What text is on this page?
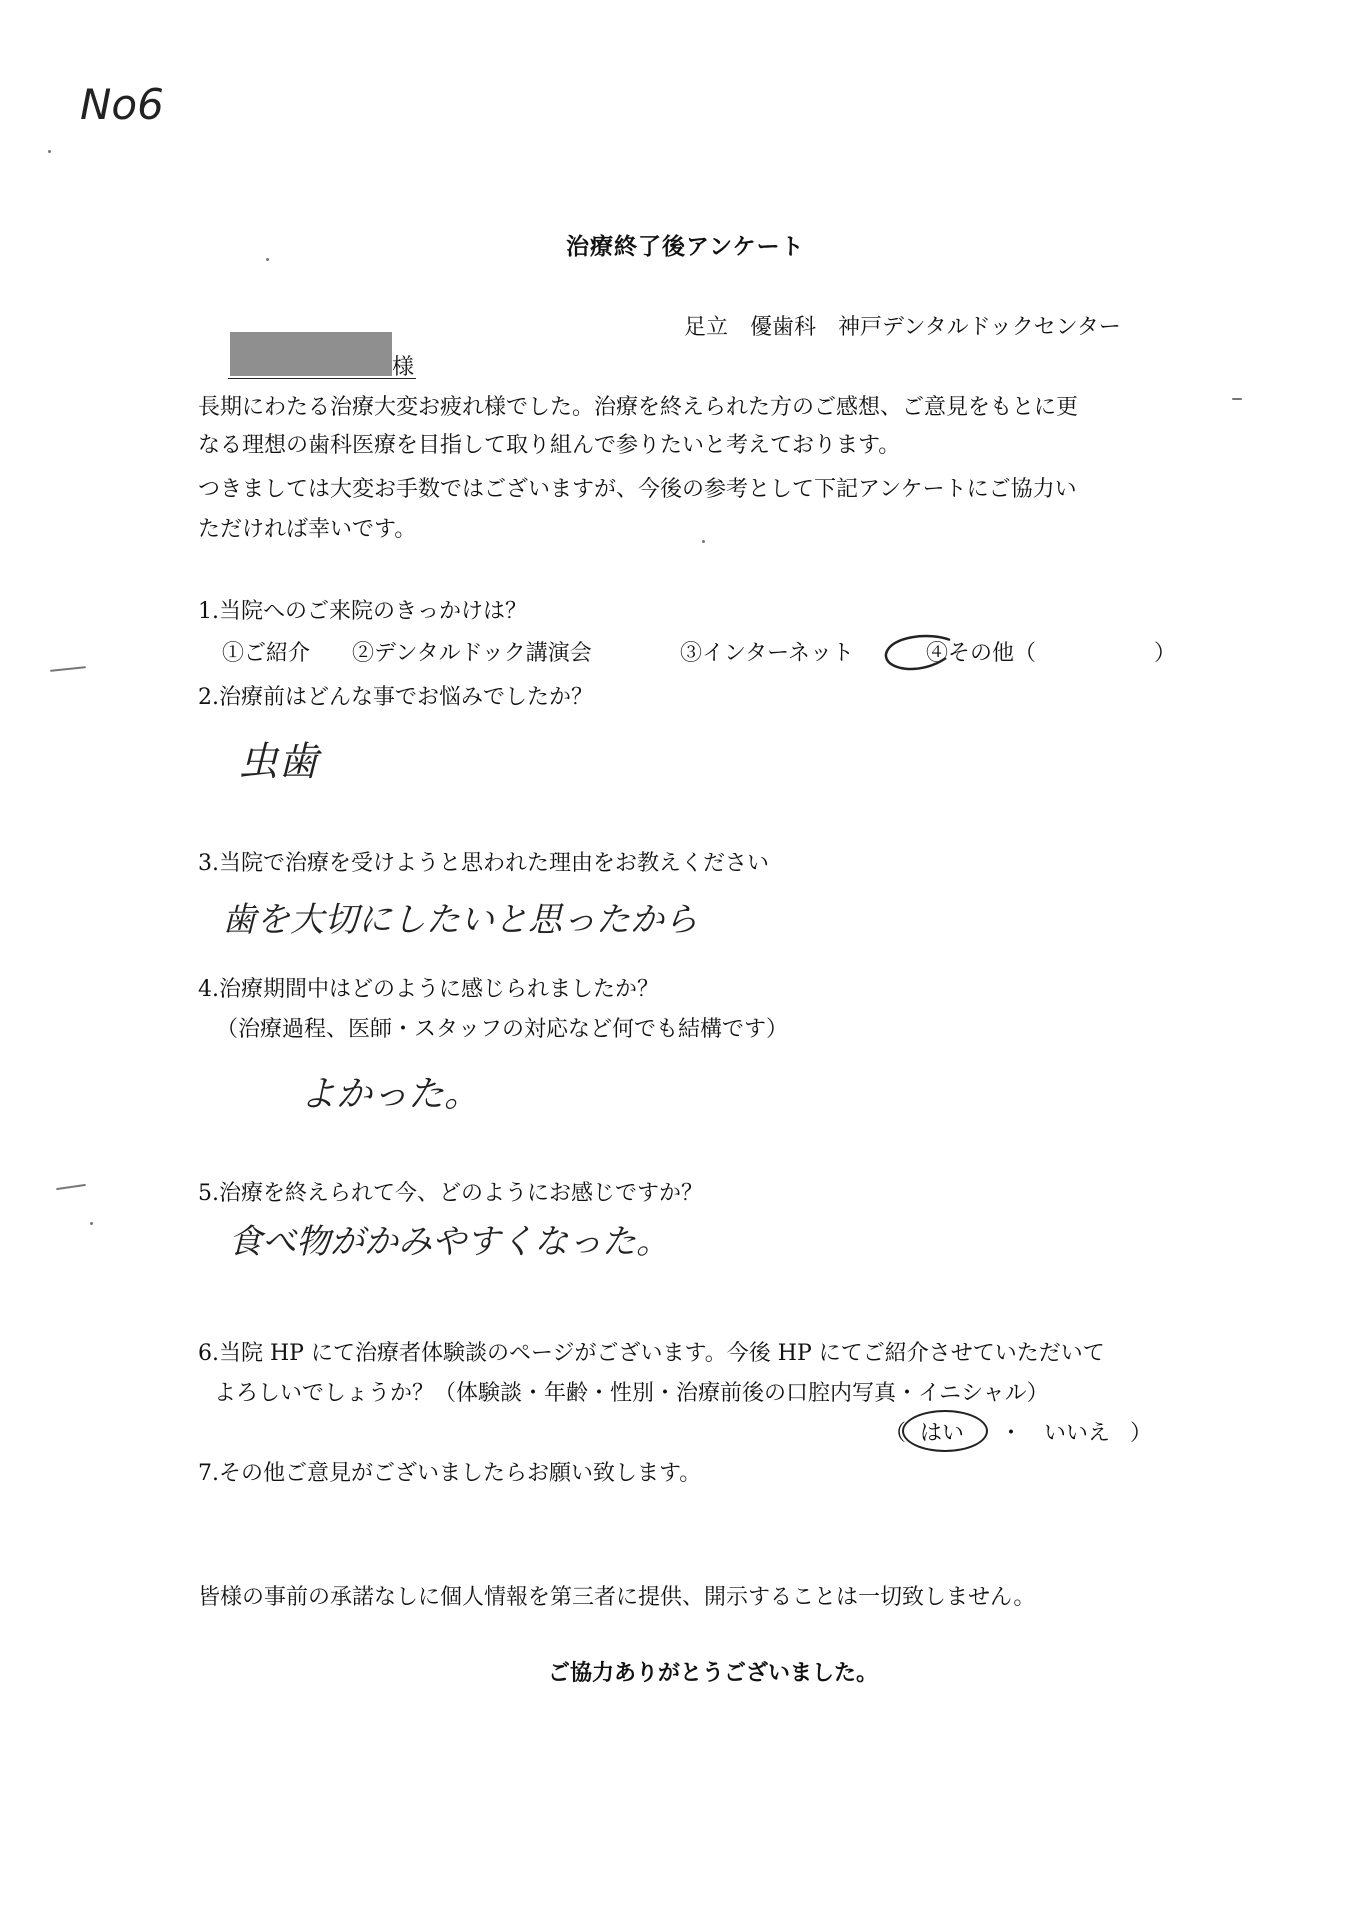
No6
治療終了後アンケート
足立　優歯科　神戸デンタルドックセンター
様
長期にわたる治療大変お疲れ様でした。治療を終えられた方のご感想、ご意見をもとに更
なる理想の歯科医療を目指して取り組んで参りたいと考えております。
つきましては大変お手数ではございますが、今後の参考として下記アンケートにご協力い
ただければ幸いです。
1.当院へのご来院のきっかけは？
①ご紹介 ②デンタルドック講演会	③インターネット	④その他（	）
2.治療前はどんな事でお悩みでしたか？
虫歯
3.当院で治療を受けようと思われた理由をお教えください
歯を大切にしたいと思ったから
4.治療期間中はどのように感じられましたか？
（治療過程、医師・スタッフの対応など何でも結構です）
よかった。
5.治療を終えられて今、どのようにお感じですか？
食べ物がかみやすくなった。
6.当院 HP にて治療者体験談のページがございます。今後 HP にてご紹介させていただいて
よろしいでしょうか？（体験談・年齢・性別・治療前後の口腔内写真・イニシャル）
（ はい ・ いいえ ）
7.その他ご意見がございましたらお願い致します。
皆様の事前の承諾なしに個人情報を第三者に提供、開示することは一切致しません。
ご協力ありがとうございました。
